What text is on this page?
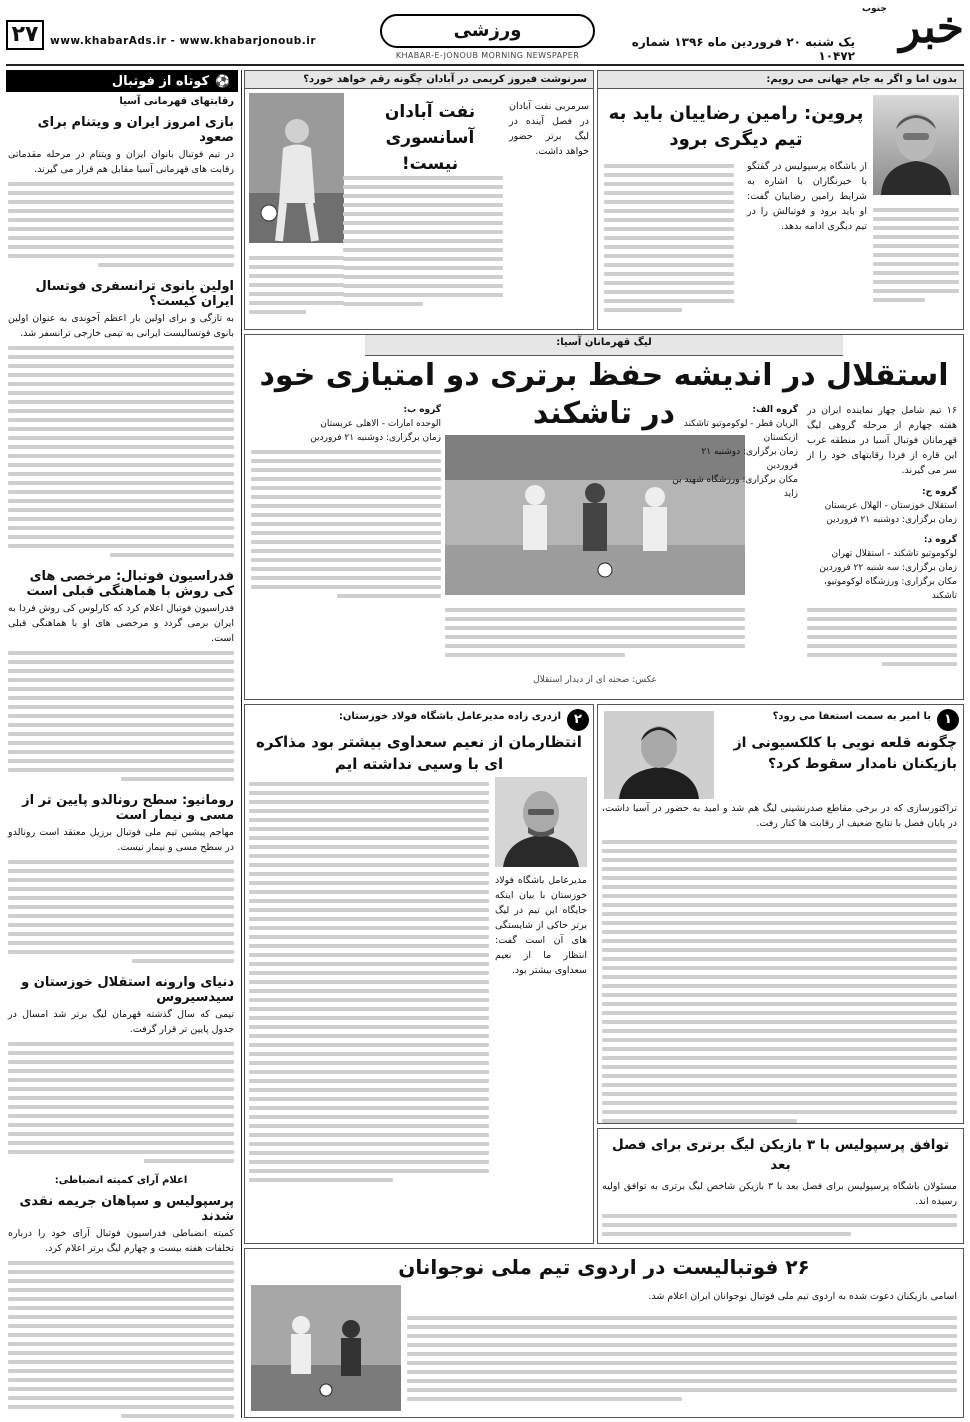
۲۷	www.khabarAds.ir - www.khabarjonoub.ir	ورزشی
KHABAR-E-JONOUB MORNING NEWSPAPER
یک شنبه ۲۰ فروردین ماه ۱۳۹۶ شماره ۱۰۴۷۲
خبر
جنوب
کوتاه از فوتبال ⚽
رقابتهای قهرمانی آسیا
بازی امروز ایران و ویتنام برای صعود
در تیم فوتبال بانوان ایران و ویتنام در مرحله مقدماتی رقابت های قهرمانی آسیا مقابل هم قرار می گیرند.
اولین بانوی ترانسفری فوتسال ایران کیست؟
به تازگی و برای اولین بار اعظم آخوندی به عنوان اولین بانوی فوتسالیست ایرانی به تیمی خارجی ترانسفر شد.
فدراسیون فوتبال: مرخصی های کی روش با هماهنگی قبلی است
فدراسیون فوتبال اعلام کرد که کارلوس کی روش فردا به ایران برمی گردد و مرخصی های او با هماهنگی قبلی است.
رومانیو: سطح رونالدو پایین تر از مسی و نیمار است
مهاجم پیشین تیم ملی فوتبال برزیل معتقد است رونالدو در سطح مسی و نیمار نیست.
دنیای وارونه استقلال خوزستان و سیدسیروس
تیمی که سال گذشته قهرمان لیگ برتر شد امسال در جدول پایین تر قرار گرفت.
اعلام آرای کمیته انضباطی:
پرسپولیس و سپاهان جریمه نقدی شدند
کمیته انضباطی فدراسیون فوتبال آرای خود را درباره تخلفات هفته بیست و چهارم لیگ برتر اعلام کرد.
بدون اما و اگر به جام جهانی می رویم:
پروین: رامین رضاییان باید به تیم دیگری برود
از باشگاه پرسپولیس در گفتگو با خبرنگاران با اشاره به شرایط رامین رضاییان گفت: او باید برود و فوتبالش را در تیم دیگری ادامه بدهد.
سرنوشت فیروز کریمی در آبادان چگونه رقم خواهد خورد؟
نفت آبادان آسانسوری نیست!
سرمربی نفت آبادان در فصل آینده در لیگ برتر حضور خواهد داشت.
لیگ قهرمانان آسیا:
استقلال در اندیشه حفظ برتری دو امتیازی خود در تاشکند	۱۶ تیم شامل چهار نماینده ایران در هفته چهارم از مرحله گروهی لیگ قهرمانان فوتبال آسیا در منطقه غرب این قاره از فردا رقابتهای خود را از سر می گیرند.
گروه ج:
استقلال خوزستان - الهلال عربستان
زمان برگزاری: دوشنبه ۲۱ فروردین
گروه د:
لوکوموتیو تاشکند - استقلال تهران
زمان برگزاری: سه شنبه ۲۲ فروردین
مکان برگزاری: ورزشگاه لوکوموتیو، تاشکند
گروه الف:
الریان قطر - لوکوموتیو تاشکند ازبکستان
زمان برگزاری: دوشنبه ۲۱ فروردین
مکان برگزاری: ورزشگاه شهید بن زاید
گروه ب:
الوحده امارات - الاهلی عربستان
زمان برگزاری: دوشنبه ۲۱ فروردین
عکس: صحنه ای از دیدار استقلال
۱
با امیر به سمت استعفا می رود؟
چگونه قلعه نویی با کلکسیونی از بازیکنان نامدار سقوط کرد؟
تراکتورسازی که در برخی مقاطع صدرنشینی لیگ هم شد و امید به حضور در آسیا داشت، در پایان فصل با نتایج ضعیف از رقابت ها کنار رفت.
۲
ازدری زاده مدیرعامل باشگاه فولاد خوزستان:
انتظارمان از نعیم سعداوی بیشتر بود مذاکره ای با وسیی نداشته ایم
مدیرعامل باشگاه فولاد خوزستان با بیان اینکه جایگاه این تیم در لیگ برتر حاکی از شایستگی های آن است گفت: انتظار ما از نعیم سعداوی بیشتر بود.
توافق پرسپولیس با ۳ بازیکن لیگ برتری برای فصل بعد
مسئولان باشگاه پرسپولیس برای فصل بعد با ۳ بازیکن شاخص لیگ برتری به توافق اولیه رسیده اند.
۲۶ فوتبالیست در اردوی تیم ملی نوجوانان
اسامی بازیکنان دعوت شده به اردوی تیم ملی فوتبال نوجوانان ایران اعلام شد.
